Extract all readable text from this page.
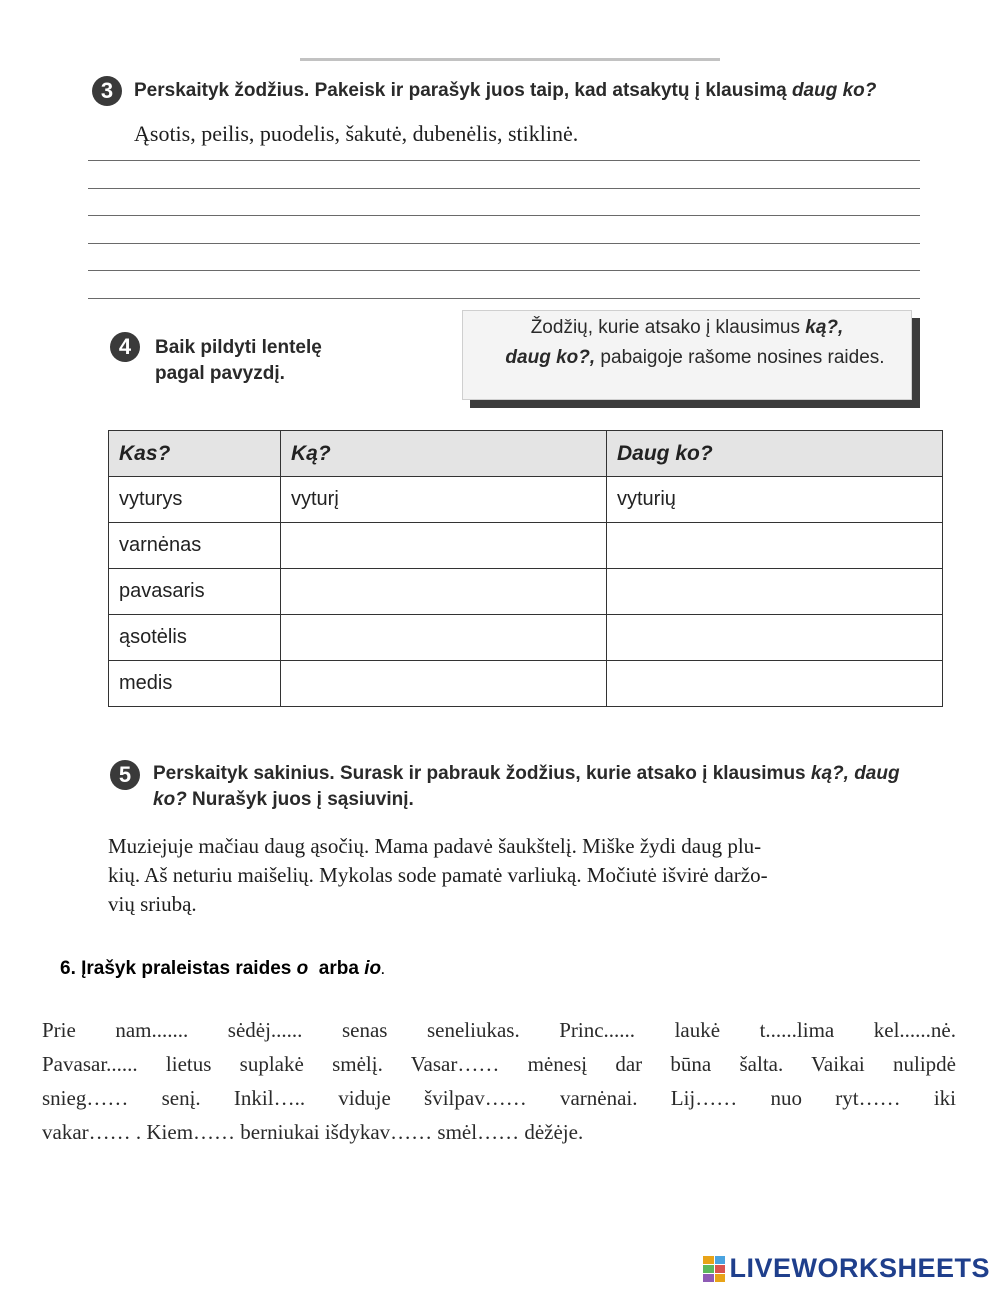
3 Perskaityk žodžius. Pakeisk ir parašyk juos taip, kad atsakytų į klausimą daug ko?
Ąsotis, peilis, puodelis, šakutė, dubenėlis, stiklinė.
4 Baik pildyti lentelę
pagal pavyzdį.
Žodžių, kurie atsako į klausimus ką?,
daug ko?, pabaigoje rašome nosines raides.
Kas?	Ką?	Daug ko?
vyturys	vyturį	vyturių
varnėnas		
pavasaris		
ąsotėlis		
medis		
5 Perskaityk sakinius. Surask ir pabrauk žodžius, kurie atsako į klausimus ką?, daug
ko? Nurašyk juos į sąsiuvinį.
Muziejuje mačiau daug ąsočių. Mama padavė šaukštelį. Miške žydi daug plu-
kių. Aš neturiu maišelių. Mykolas sode pamatė varliuką. Močiutė išvirė daržo-
vių sriubą.
6. Įrašyk praleistas raides o  arba io.
Prie nam....... sėdėj...... senas seneliukas. Princ...... laukė t......lima kel......nė.
Pavasar...... lietus suplakė smėlį. Vasar…… mėnesį dar būna šalta. Vaikai nulipdė
snieg…… senį. Inkil….. viduje švilpav…… varnėnai. Lij…… nuo ryt…… iki
vakar…… . Kiem…… berniukai išdykav…… smėl…… dėžėje.
LIVEWORKSHEETS
